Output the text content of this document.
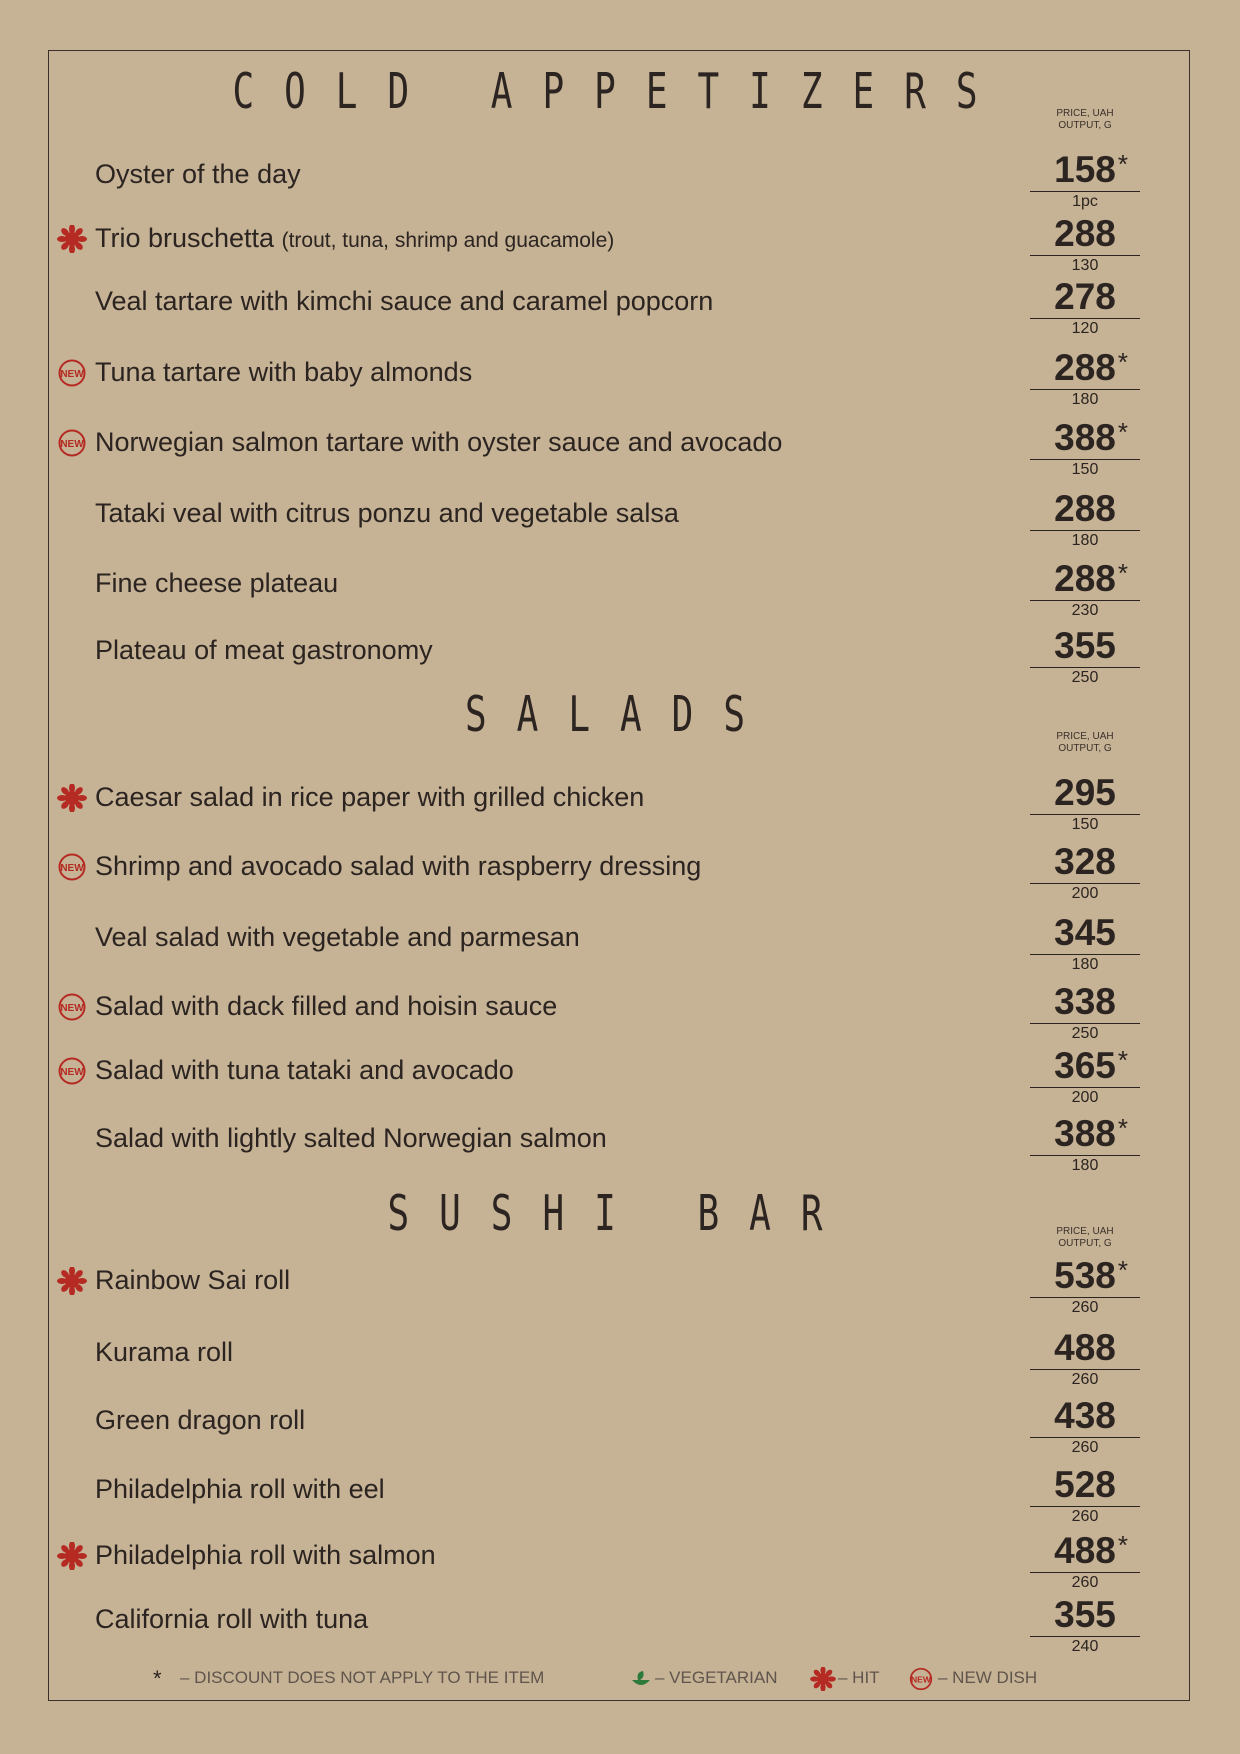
COLD APPETIZERS	PRICE, UAH
OUTPUT, G
Oyster of the day	158 *
1pc
Trio bruschetta (trout, tuna, shrimp and guacamole)	288
130
Veal tartare with kimchi sauce and caramel popcorn	278
120
NEW Tuna tartare with baby almonds	288 *
180
NEW Norwegian salmon tartare with oyster sauce and avocado	388 *
150
Tataki veal with citrus ponzu and vegetable salsa	288
180
Fine cheese plateau	288 *
230
Plateau of meat gastronomy	355
250
SALADS	PRICE, UAH
OUTPUT, G
Caesar salad in rice paper with grilled chicken	295
150
NEW Shrimp and avocado salad with raspberry dressing	328
200
Veal salad with vegetable and parmesan	345
180
NEW Salad with dack filled and hoisin sauce	338
250
NEW Salad with tuna tataki and avocado	365 *
200
Salad with lightly salted Norwegian salmon	388 *
180
SUSHI BAR	PRICE, UAH
OUTPUT, G
Rainbow Sai roll	538 *
260
Kurama roll	488
260
Green dragon roll	438
260
Philadelphia roll with eel	528
260
Philadelphia roll with salmon	488 *
260
California roll with tuna	355
240
* – DISCOUNT DOES NOT APPLY TO THE ITEM	– VEGETARIAN	– HIT	NEW – NEW DISH
